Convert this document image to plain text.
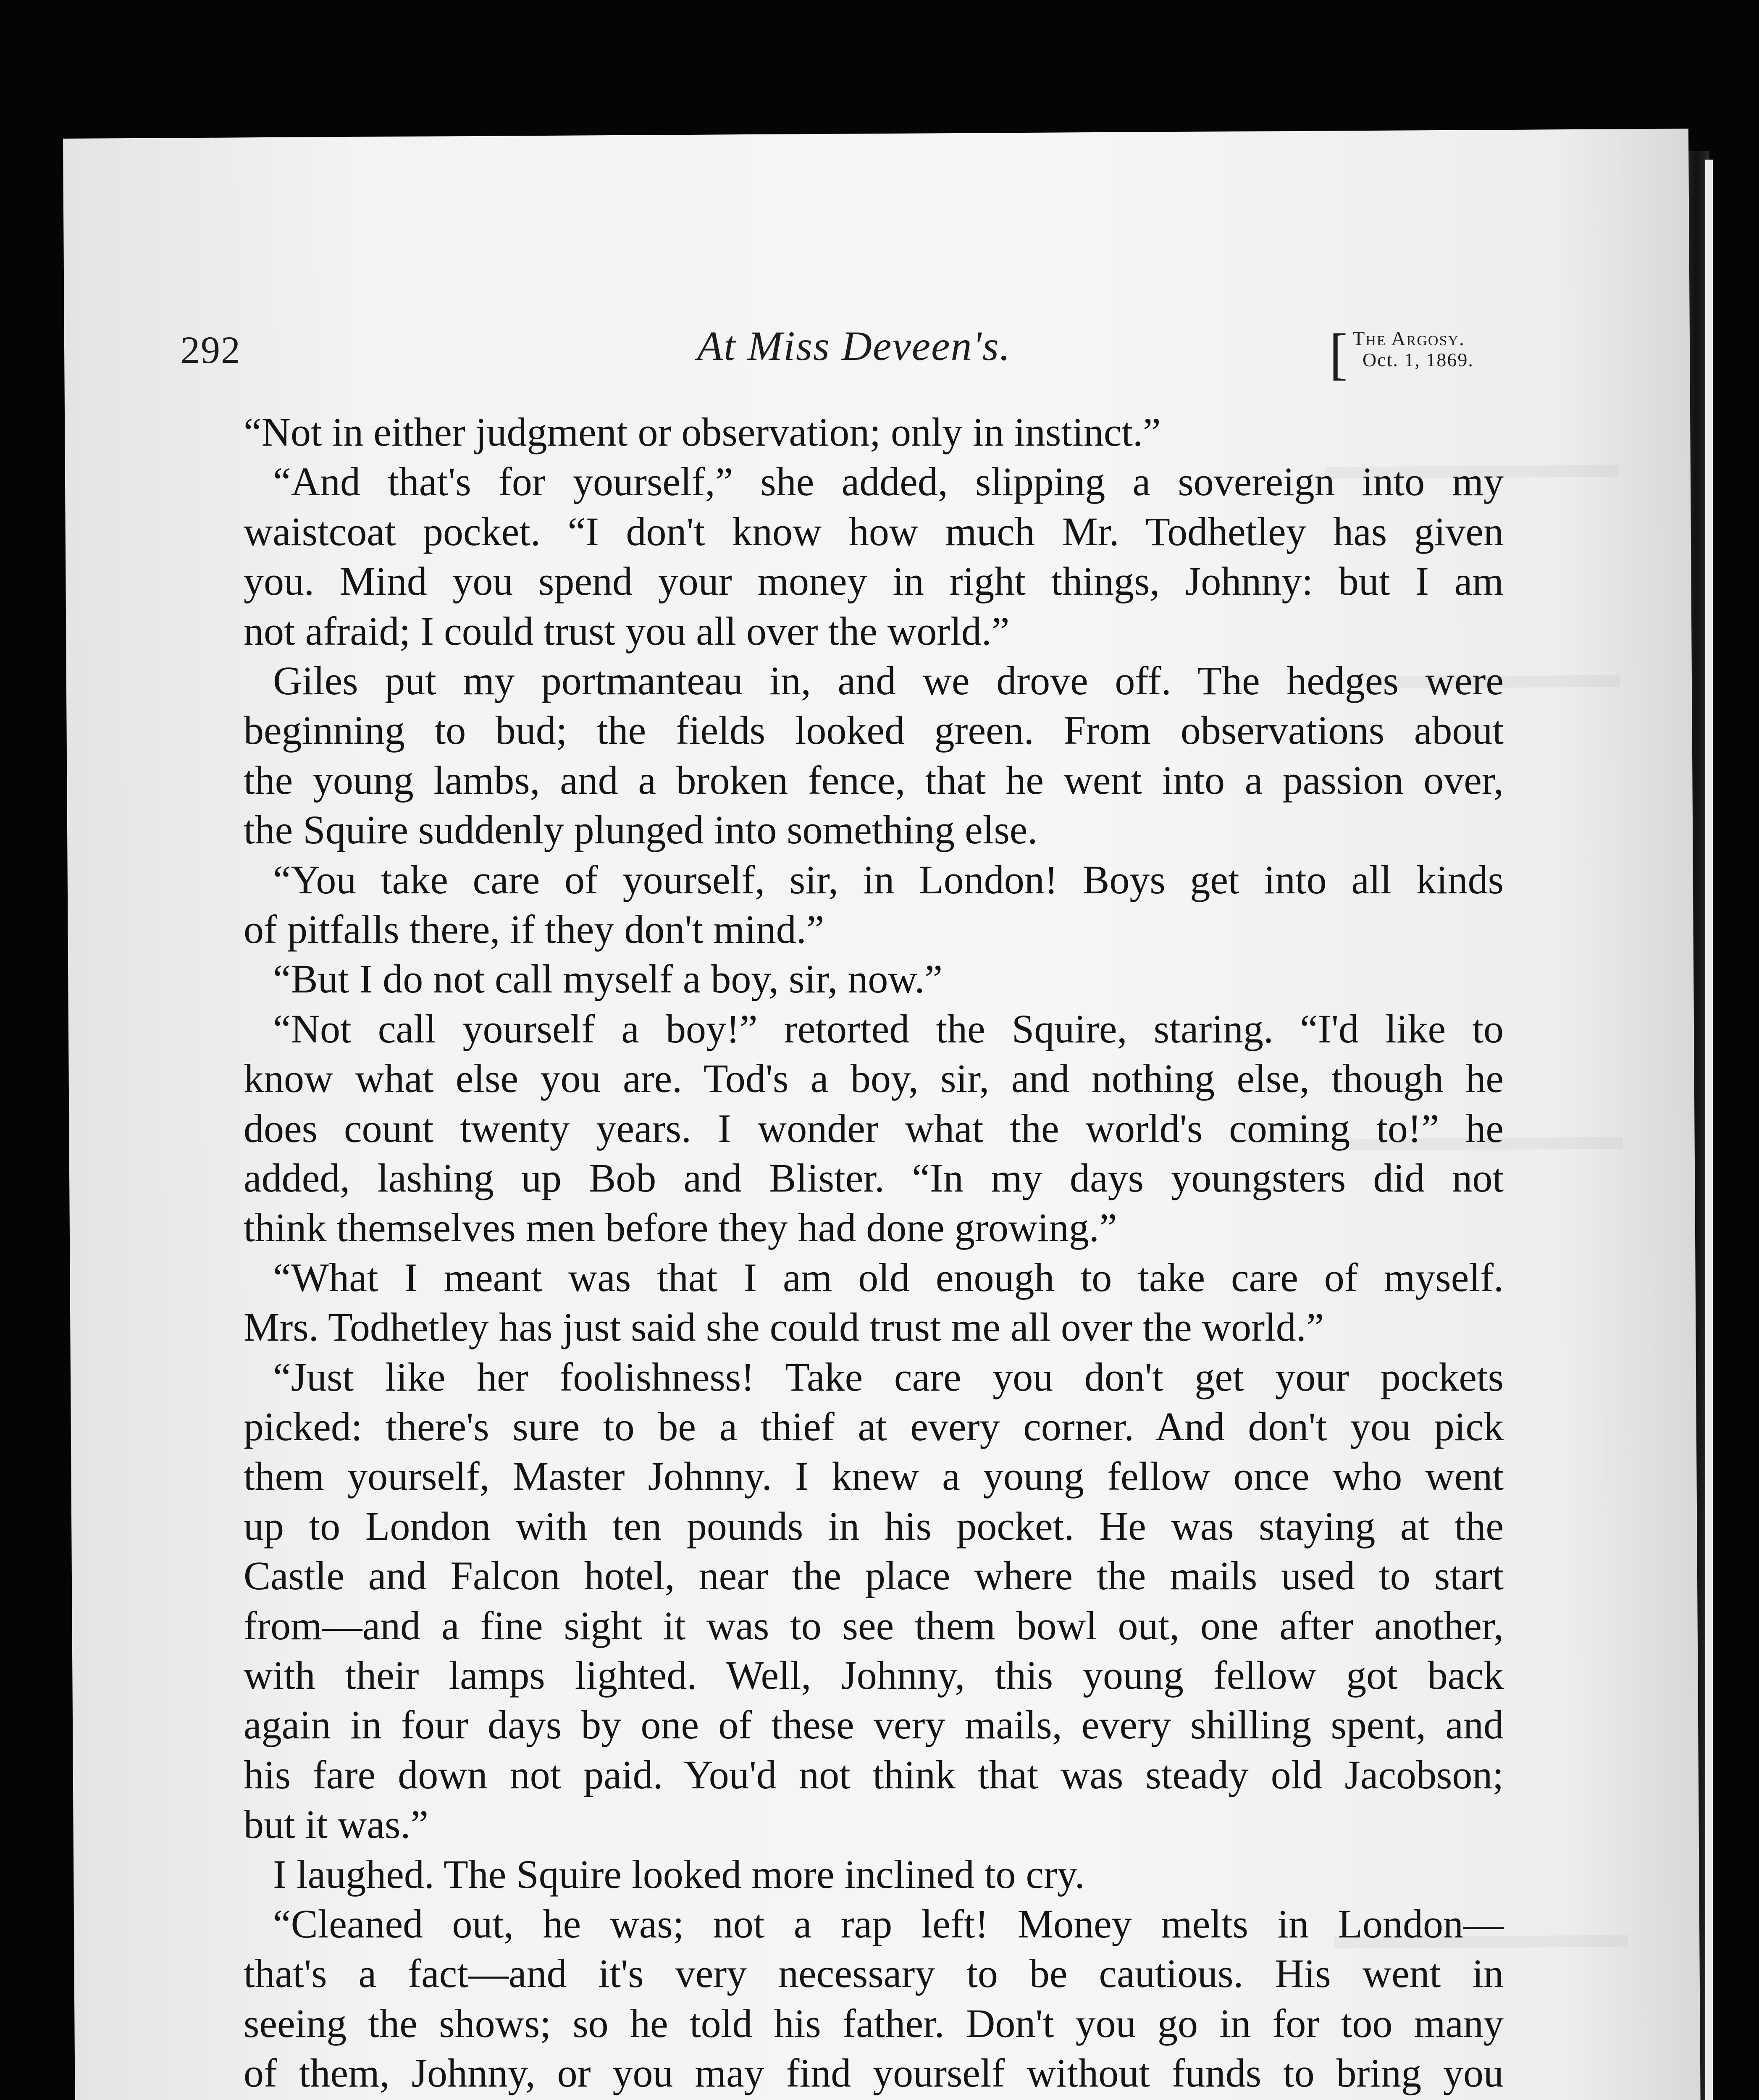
292	At Miss Deveen's.	[ The Argosy.
Oct. 1, 1869.
“Not in either judgment or observation; only in instinct.”
“And that's for yourself,” she added, slipping a sovereign into my
waistcoat pocket. “I don't know how much Mr. Todhetley has given
you. Mind you spend your money in right things, Johnny: but I am
not afraid; I could trust you all over the world.”
Giles put my portmanteau in, and we drove off. The hedges were
beginning to bud; the fields looked green. From observations about
the young lambs, and a broken fence, that he went into a passion over,
the Squire suddenly plunged into something else.
“You take care of yourself, sir, in London! Boys get into all kinds
of pitfalls there, if they don't mind.”
“But I do not call myself a boy, sir, now.”
“Not call yourself a boy!” retorted the Squire, staring. “I'd like to
know what else you are. Tod's a boy, sir, and nothing else, though he
does count twenty years. I wonder what the world's coming to!” he
added, lashing up Bob and Blister. “In my days youngsters did not
think themselves men before they had done growing.”
“What I meant was that I am old enough to take care of myself.
Mrs. Todhetley has just said she could trust me all over the world.”
“Just like her foolishness! Take care you don't get your pockets
picked: there's sure to be a thief at every corner. And don't you pick
them yourself, Master Johnny. I knew a young fellow once who went
up to London with ten pounds in his pocket. He was staying at the
Castle and Falcon hotel, near the place where the mails used to start
from—and a fine sight it was to see them bowl out, one after another,
with their lamps lighted. Well, Johnny, this young fellow got back
again in four days by one of these very mails, every shilling spent, and
his fare down not paid. You'd not think that was steady old Jacobson;
but it was.”
I laughed. The Squire looked more inclined to cry.
“Cleaned out, he was; not a rap left! Money melts in London—
that's a fact—and it's very necessary to be cautious. His went in
seeing the shows; so he told his father. Don't you go in for too many
of them, Johnny, or you may find yourself without funds to bring you
